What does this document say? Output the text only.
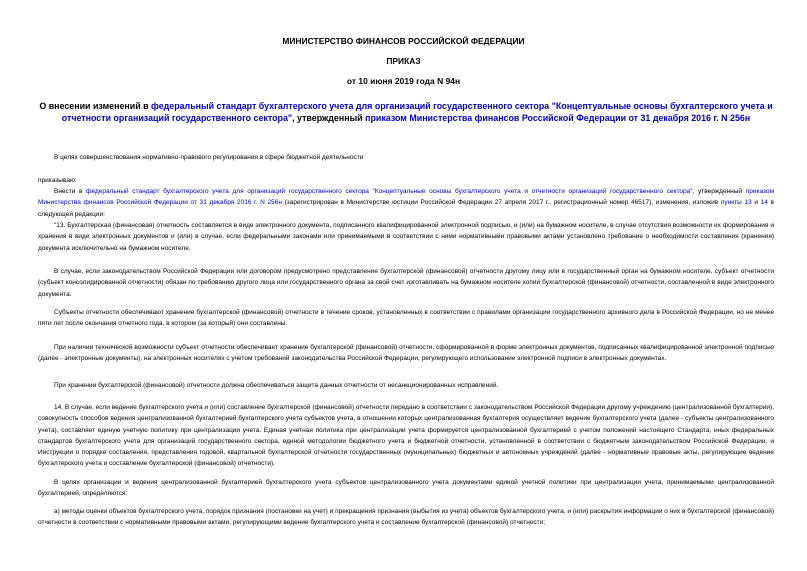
МИНИСТЕРСТВО ФИНАНСОВ РОССИЙСКОЙ ФЕДЕРАЦИИ
ПРИКАЗ
от 10 июня 2019 года N 94н
О внесении изменений в федеральный стандарт бухгалтерского учета для организаций государственного сектора "Концептуальные основы бухгалтерского учета и отчетности организаций государственного сектора", утвержденный приказом Министерства финансов Российской Федерации от 31 декабря 2016 г. N 256н
В целях совершенствования нормативно-правового регулирования в сфере бюджетной деятельности
приказываю:
Внести в федеральный стандарт бухгалтерского учета для организаций государственного сектора "Концептуальные основы бухгалтерского учета и отчетности организаций государственного сектора", утвержденный приказом Министерства финансов Российской Федерации от 31 декабря 2016 г. N 256н (зарегистрирован в Министерстве юстиции Российской Федерации 27 апреля 2017 г., регистрационный номер 46517), изменения, изложив пункты 13 и 14 в следующей редакции:
"13. Бухгалтерская (финансовая) отчетность составляется в виде электронного документа, подписанного квалифицированной электронной подписью, и (или) на бумажном носителе, в случае отсутствия возможности их формирования и хранения в виде электронных документов и (или) в случае, если федеральными законами или принимаемыми в соответствии с ними нормативными правовыми актами установлено требование о необходимости составления (хранения) документа исключительно на бумажном носителе.
В случае, если законодательством Российской Федерации или договором предусмотрено представление бухгалтерской (финансовой) отчетности другому лицу или в государственный орган на бумажном носителе, субъект отчетности (субъект консолидированной отчетности) обязан по требованию другого лица или государственного органа за свой счет изготавливать на бумажном носителе копии бухгалтерской (финансовой) отчетности, составленной в виде электронного документа.
Субъекты отчетности обеспечивают хранение бухгалтерской (финансовой) отчетности в течение сроков, установленных в соответствии с правилами организации государственного архивного дела в Российской Федерации, но не менее пяти лет после окончания отчетного года, в котором (за который) они составлены.
При наличии технической возможности субъект отчетности обеспечивает хранение бухгалтерской (финансовой) отчетности, сформированной в форме электронных документов, подписанных квалифицированной электронной подписью (далее - электронные документы), на электронных носителях с учетом требований законодательства Российской Федерации, регулирующего использование электронной подписи в электронных документах.
При хранении бухгалтерской (финансовой) отчетности должна обеспечиваться защита данных отчетности от несанкционированных исправлений.
14. В случае, если ведение бухгалтерского учета и (или) составление бухгалтерской (финансовой) отчетности передано в соответствии с законодательством Российской Федерации другому учреждению (централизованной бухгалтерии), совокупность способов ведения централизованной бухгалтерией бухгалтерского учета субъектов учета, в отношении которых централизованная бухгалтерия осуществляет ведение бухгалтерского учета (далее - субъекты централизованного учета), составляет единую учетную политику при централизации учета. Единая учетная политика при централизации учета формируется централизованной бухгалтерией с учетом положений настоящего Стандарта, иных федеральных стандартов бухгалтерского учета для организаций государственного сектора, единой методологии бюджетного учета и бюджетной отчетности, установленной в соответствии с бюджетным законодательством Российской Федерации, и Инструкции о порядке составления, представления годовой, квартальной бухгалтерской отчетности государственных (муниципальных) бюджетных и автономных учреждений (далее - нормативные правовые акты, регулирующие ведение бухгалтерского учета и составление бухгалтерской (финансовой) отчетности).
В целях организации и ведения централизованной бухгалтерией бухгалтерского учета субъектов централизованного учета документами единой учетной политики при централизации учета, принимаемыми централизованной бухгалтерией, определяются:
а) методы оценки объектов бухгалтерского учета, порядок признания (постановки на учет) и прекращения признания (выбытия из учета) объектов бухгалтерского учета, и (или) раскрытия информации о них в бухгалтерской (финансовой) отчетности в соответствии с нормативными правовыми актами, регулирующими ведение бухгалтерского учета и составление бухгалтерской (финансовой) отчетности;
